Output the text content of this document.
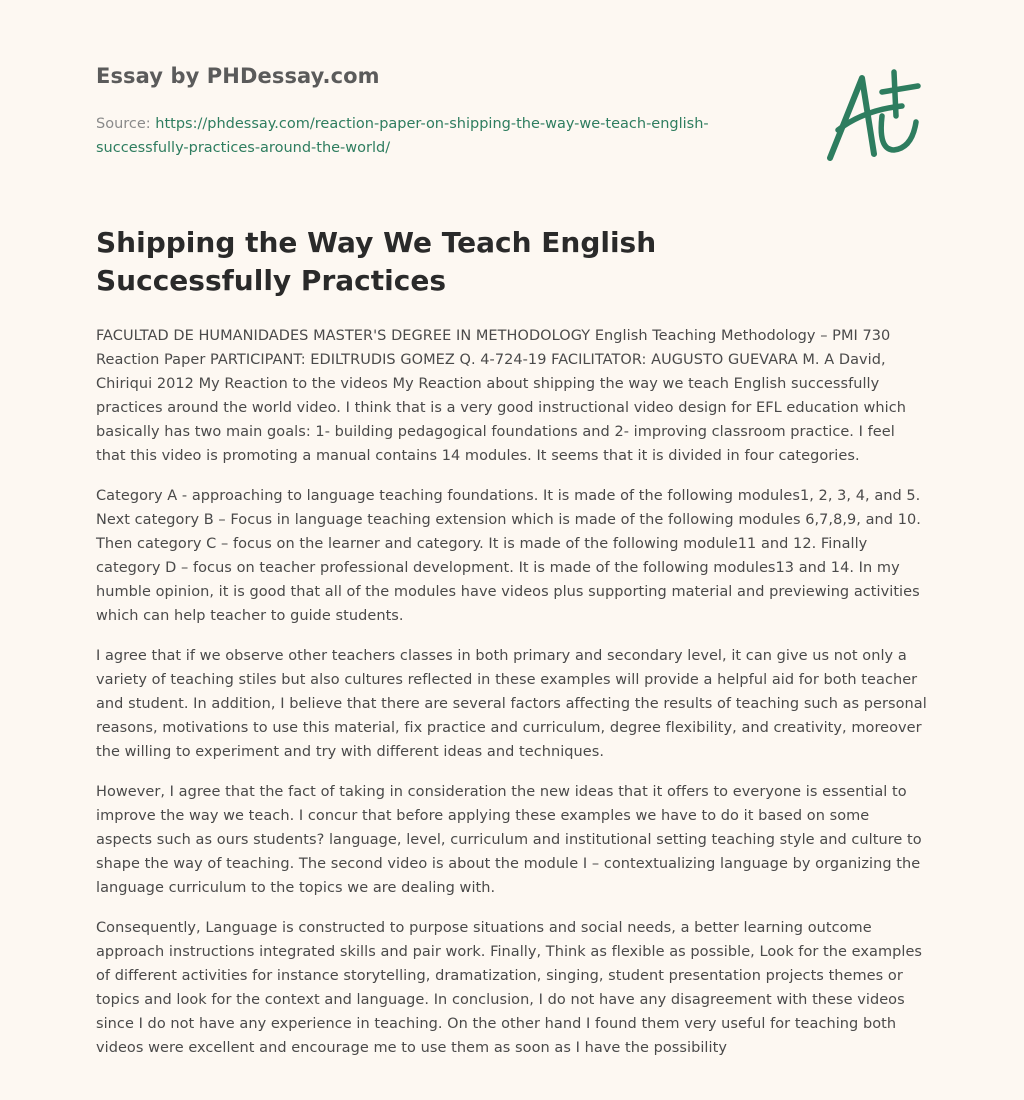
Essay by PHDessay.com
Source: https://phdessay.com/reaction-paper-on-shipping-the-way-we-teach-english-successfully-practices-around-the-world/
Shipping the Way We Teach English Successfully Practices

FACULTAD DE HUMANIDADES MASTER'S DEGREE IN METHODOLOGY English Teaching Methodology – PMI 730 Reaction Paper PARTICIPANT: EDILTRUDIS GOMEZ Q. 4-724-19 FACILITATOR: AUGUSTO GUEVARA M. A David, Chiriqui 2012 My Reaction to the videos My Reaction about shipping the way we teach English successfully practices around the world video. I think that is a very good instructional video design for EFL education which basically has two main goals: 1- building pedagogical foundations and 2- improving classroom practice. I feel that this video is promoting a manual contains 14 modules. It seems that it is divided in four categories.

Category A - approaching to language teaching foundations. It is made of the following modules1, 2, 3, 4, and 5. Next category B – Focus in language teaching extension which is made of the following modules 6,7,8,9, and 10. Then category C – focus on the learner and category. It is made of the following module11 and 12. Finally category D – focus on teacher professional development. It is made of the following modules13 and 14. In my humble opinion, it is good that all of the modules have videos plus supporting material and previewing activities which can help teacher to guide students.

I agree that if we observe other teachers classes in both primary and secondary level, it can give us not only a variety of teaching stiles but also cultures reflected in these examples will provide a helpful aid for both teacher and student. In addition, I believe that there are several factors affecting the results of teaching such as personal reasons, motivations to use this material, fix practice and curriculum, degree flexibility, and creativity, moreover the willing to experiment and try with different ideas and techniques.

However, I agree that the fact of taking in consideration the new ideas that it offers to everyone is essential to improve the way we teach. I concur that before applying these examples we have to do it based on some aspects such as ours students? language, level, curriculum and institutional setting teaching style and culture to shape the way of teaching. The second video is about the module I – contextualizing language by organizing the language curriculum to the topics we are dealing with.

Consequently, Language is constructed to purpose situations and social needs, a better learning outcome approach instructions integrated skills and pair work. Finally, Think as flexible as possible, Look for the examples of different activities for instance storytelling, dramatization, singing, student presentation projects themes or topics and look for the context and language. In conclusion, I do not have any disagreement with these videos since I do not have any experience in teaching. On the other hand I found them very useful for teaching both videos were excellent and encourage me to use them as soon as I have the possibility
